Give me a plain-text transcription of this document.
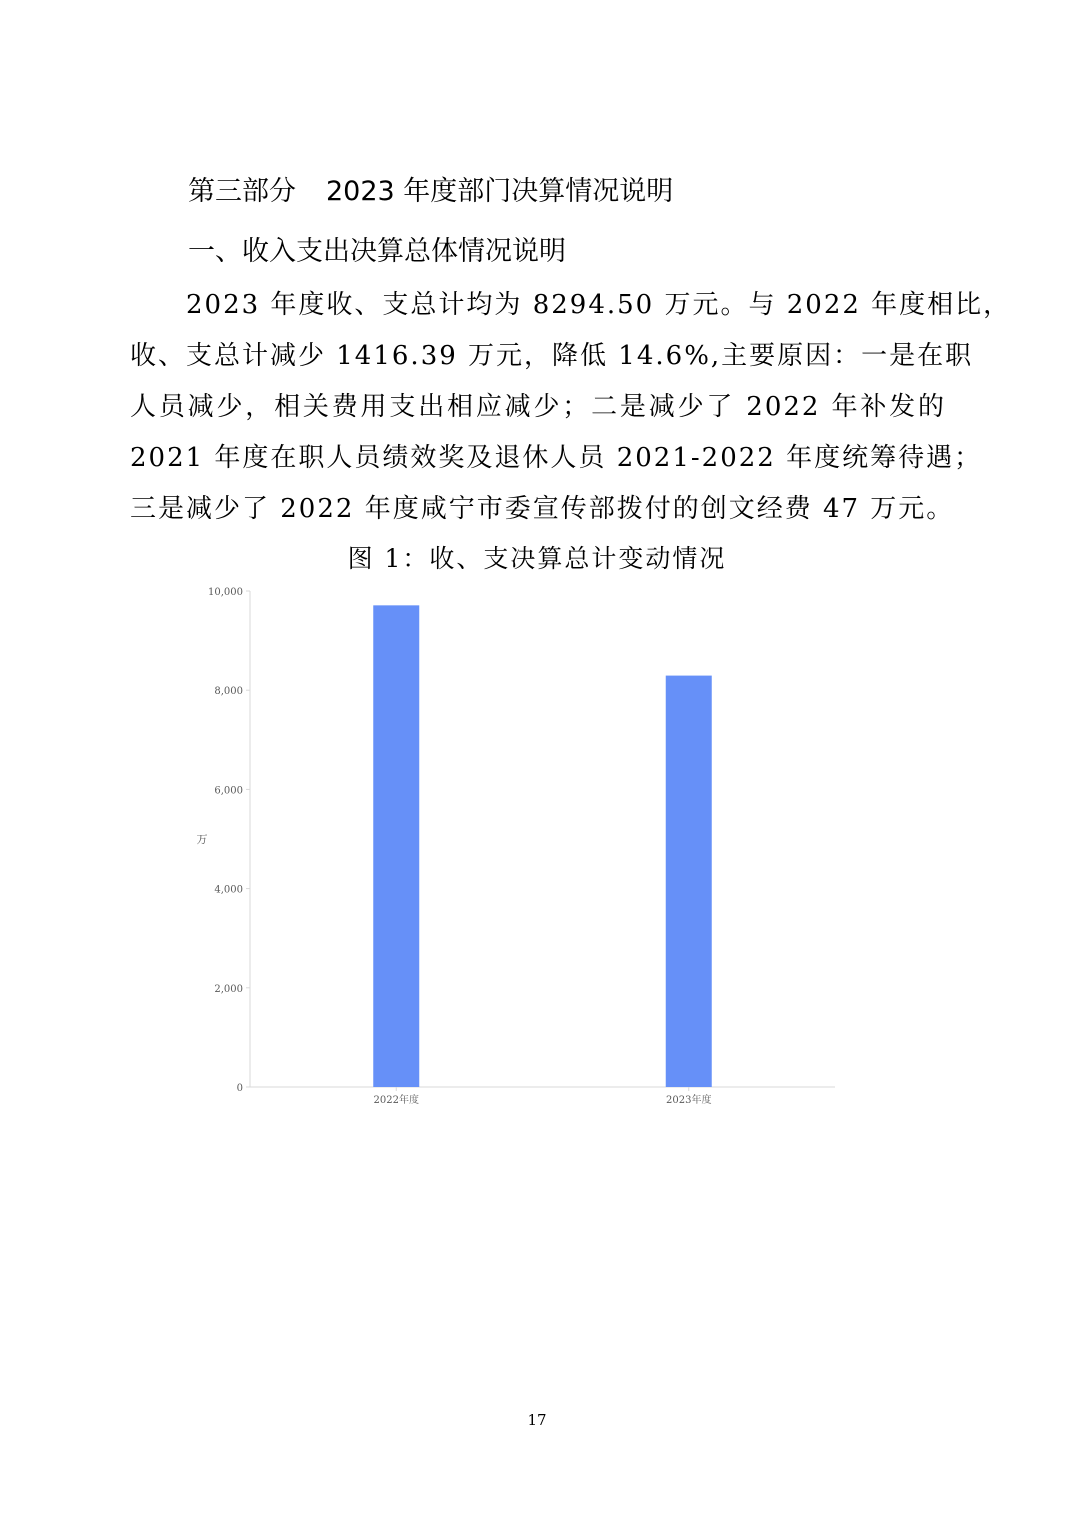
第三部分 2023 年度部门决算情况说明
一、收入支出决算总体情况说明
2023 年度收、支总计均为 8294.50 万元。与 2022 年度相比，
收、支总计减少 1416.39 万元，降低 14.6%,主要原因：一是在职
人员减少，相关费用支出相应减少；二是减少了 2022 年补发的
2021 年度在职人员绩效奖及退休人员 2021-2022 年度统筹待遇；
三是减少了 2022 年度咸宁市委宣传部拨付的创文经费 47 万元。
图 1：收、支决算总计变动情况
0
2,000
4,000
6,000
8,000
10,000
万
2022年度	2023年度
17
